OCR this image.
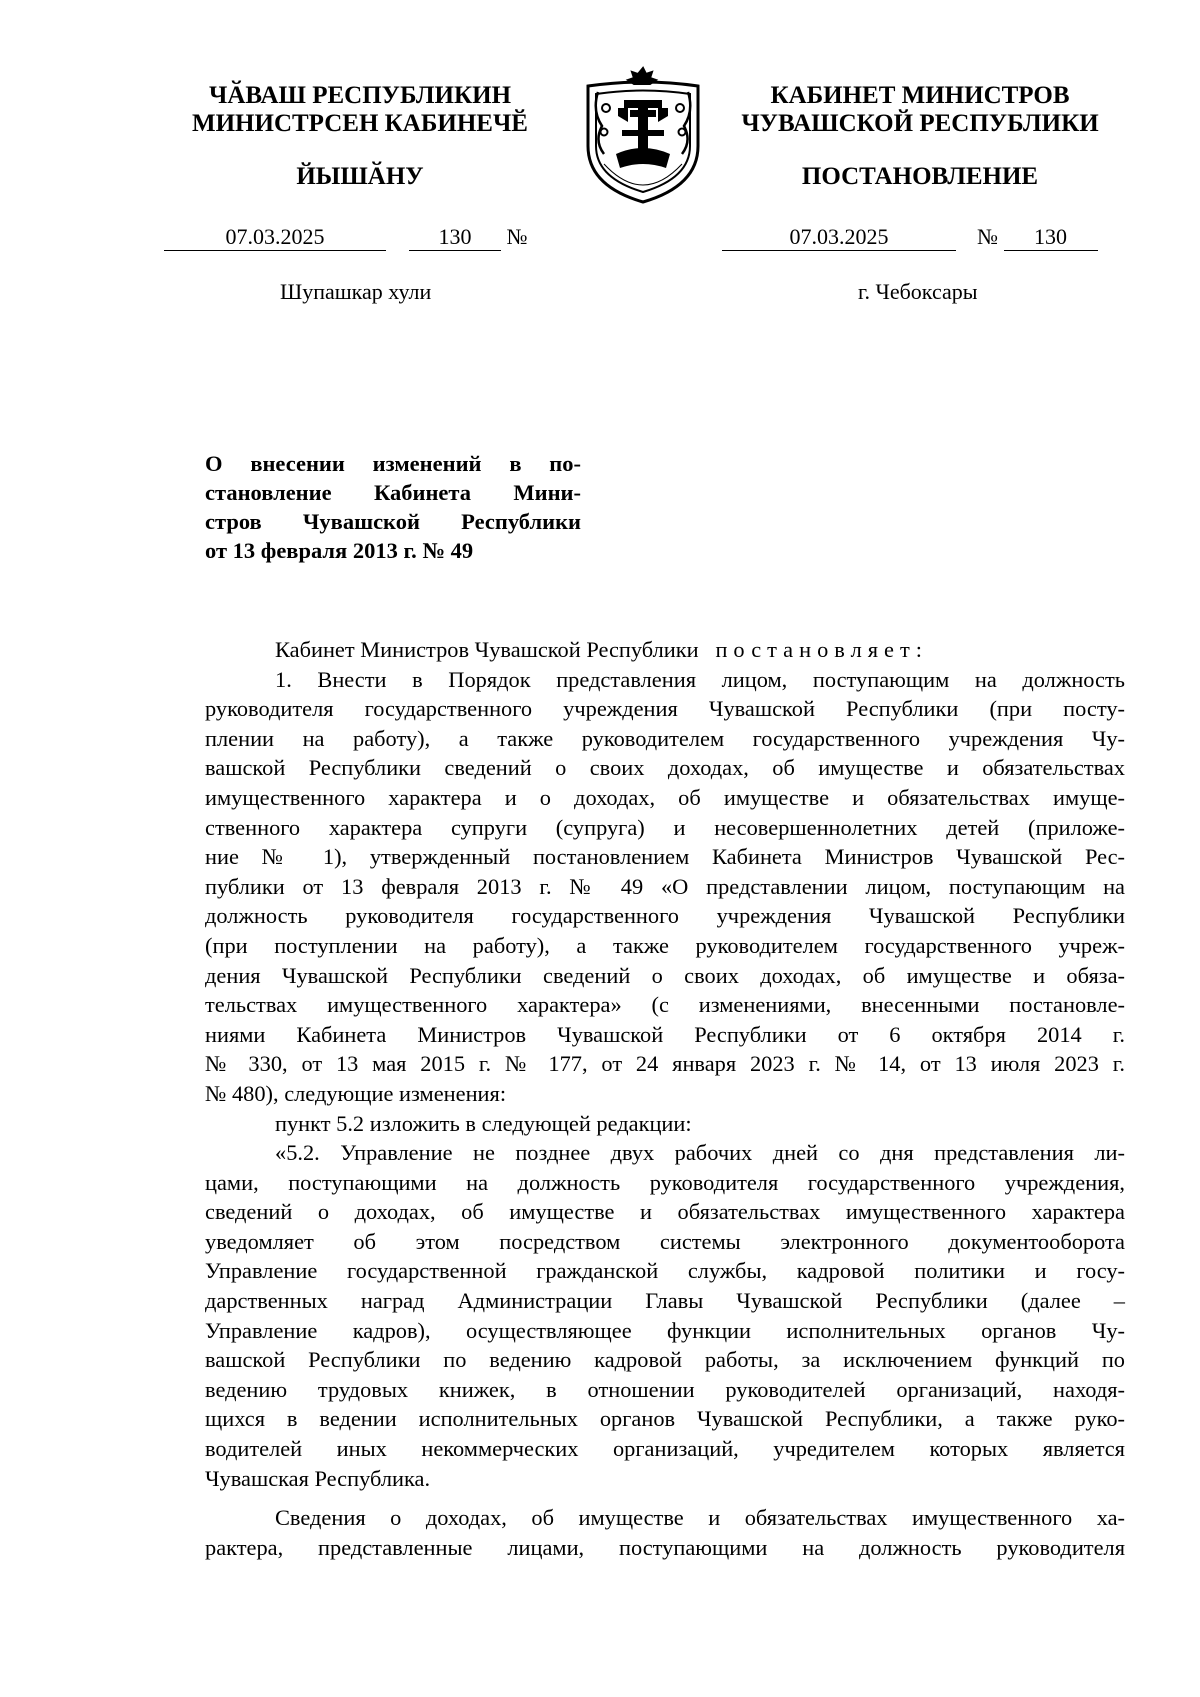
ЧӐВАШ РЕСПУБЛИКИН
МИНИСТРСЕН КАБИНЕЧӖ
ЙЫШӐНУ
КАБИНЕТ МИНИСТРОВ
ЧУВАШСКОЙ РЕСПУБЛИКИ
ПОСТАНОВЛЕНИЕ
07.03.2025	130 №	07.03.2025	№ 130
Шупашкар хули	г. Чебоксары
О внесении изменений в по-
становление Кабинета Мини-
стров Чувашской Республики
от 13 февраля 2013 г. № 49
Кабинет Министров Чувашской Республики постановляет:
1. Внести в Порядок представления лицом, поступающим на должность
руководителя государственного учреждения Чувашской Республики (при посту-
плении на работу), а также руководителем государственного учреждения Чу-
вашской Республики сведений о своих доходах, об имуществе и обязательствах
имущественного характера и о доходах, об имуществе и обязательствах имуще-
ственного характера супруги (супруга) и несовершеннолетних детей (приложе-
ние № 1), утвержденный постановлением Кабинета Министров Чувашской Рес-
публики от 13 февраля 2013 г. № 49 «О представлении лицом, поступающим на
должность руководителя государственного учреждения Чувашской Республики
(при поступлении на работу), а также руководителем государственного учреж-
дения Чувашской Республики сведений о своих доходах, об имуществе и обяза-
тельствах имущественного характера» (с изменениями, внесенными постановле-
ниями Кабинета Министров Чувашской Республики от 6 октября 2014 г.
№ 330, от 13 мая 2015 г. № 177, от 24 января 2023 г. № 14, от 13 июля 2023 г.
№ 480), следующие изменения:
пункт 5.2 изложить в следующей редакции:
«5.2. Управление не позднее двух рабочих дней со дня представления ли-
цами, поступающими на должность руководителя государственного учреждения,
сведений о доходах, об имуществе и обязательствах имущественного характера
уведомляет об этом посредством системы электронного документооборота
Управление государственной гражданской службы, кадровой политики и госу-
дарственных наград Администрации Главы Чувашской Республики (далее –
Управление кадров), осуществляющее функции исполнительных органов Чу-
вашской Республики по ведению кадровой работы, за исключением функций по
ведению трудовых книжек, в отношении руководителей организаций, находя-
щихся в ведении исполнительных органов Чувашской Республики, а также руко-
водителей иных некоммерческих организаций, учредителем которых является
Чувашская Республика.
Сведения о доходах, об имуществе и обязательствах имущественного ха-
рактера, представленные лицами, поступающими на должность руководителя
